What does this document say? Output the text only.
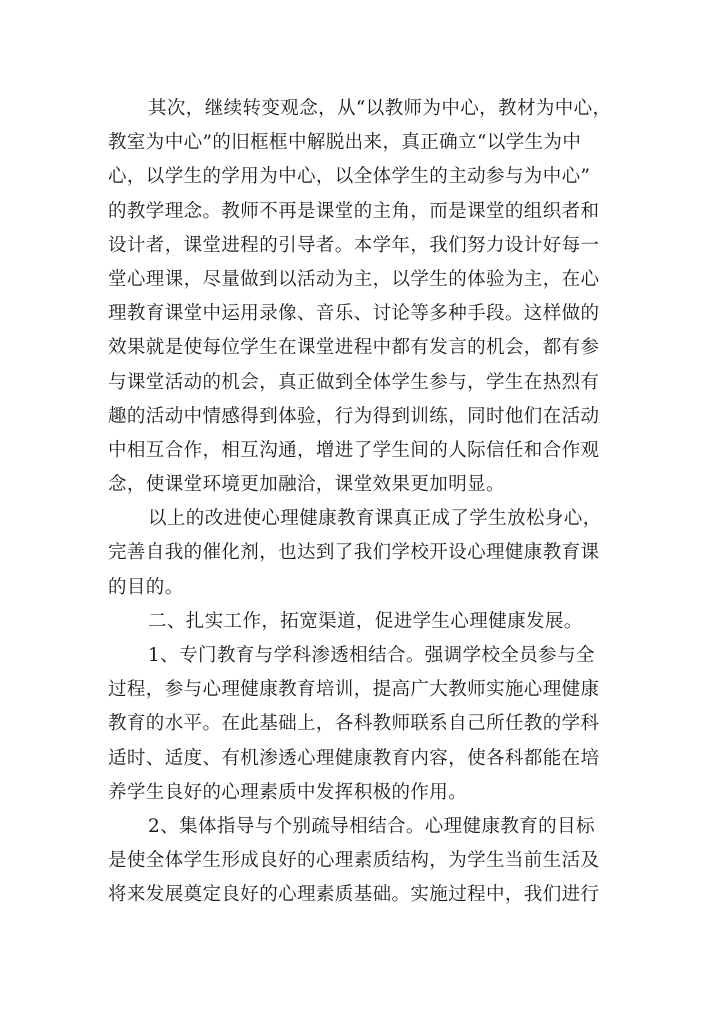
其次，继续转变观念，从“以教师为中心，教材为中心，
教室为中心”的旧框框中解脱出来，真正确立“以学生为中
心，以学生的学用为中心，以全体学生的主动参与为中心”
的教学理念。教师不再是课堂的主角，而是课堂的组织者和
设计者，课堂进程的引导者。本学年，我们努力设计好每一
堂心理课，尽量做到以活动为主，以学生的体验为主，在心
理教育课堂中运用录像、音乐、讨论等多种手段。这样做的
效果就是使每位学生在课堂进程中都有发言的机会，都有参
与课堂活动的机会，真正做到全体学生参与，学生在热烈有
趣的活动中情感得到体验，行为得到训练，同时他们在活动
中相互合作，相互沟通，增进了学生间的人际信任和合作观
念，使课堂环境更加融洽，课堂效果更加明显。
以上的改进使心理健康教育课真正成了学生放松身心，
完善自我的催化剂，也达到了我们学校开设心理健康教育课
的目的。
二、扎实工作，拓宽渠道，促进学生心理健康发展。
1、专门教育与学科渗透相结合。强调学校全员参与全
过程，参与心理健康教育培训，提高广大教师实施心理健康
教育的水平。在此基础上，各科教师联系自己所任教的学科
适时、适度、有机渗透心理健康教育内容，使各科都能在培
养学生良好的心理素质中发挥积极的作用。
2、集体指导与个别疏导相结合。心理健康教育的目标
是使全体学生形成良好的心理素质结构，为学生当前生活及
将来发展奠定良好的心理素质基础。实施过程中，我们进行
